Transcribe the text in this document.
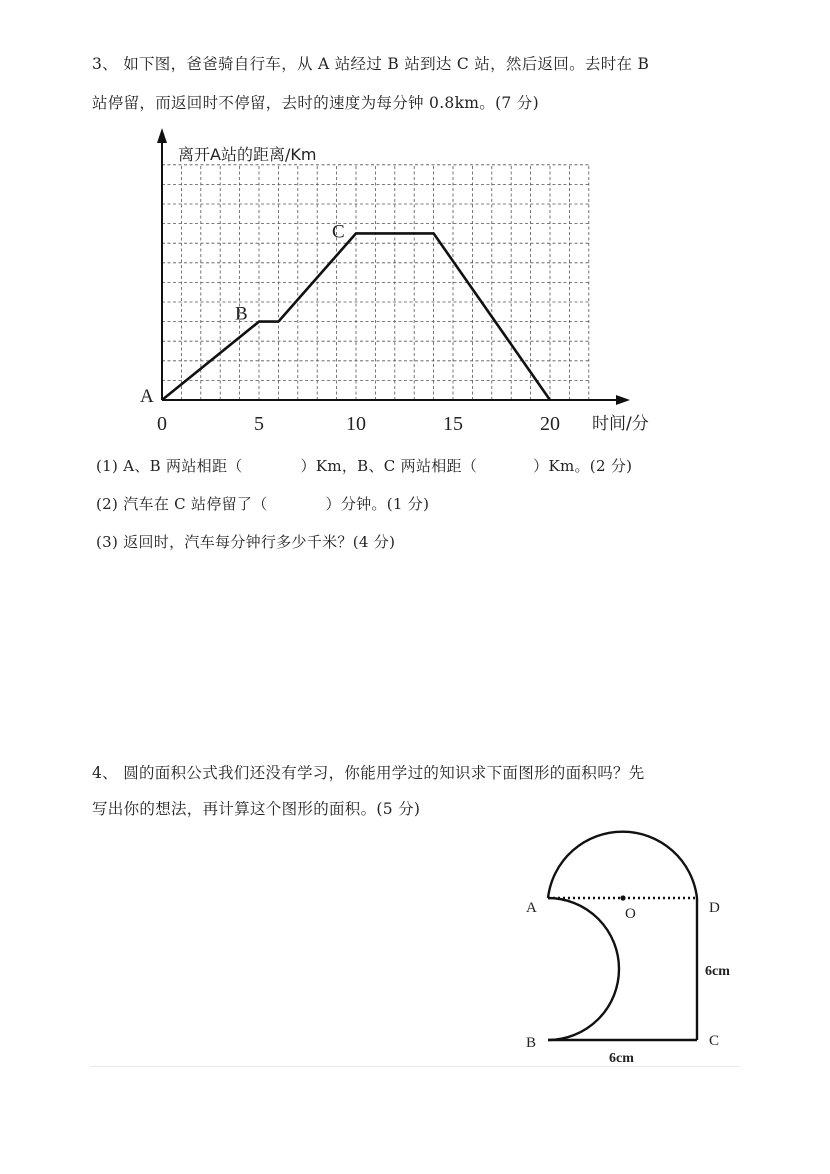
3、 如下图，爸爸骑自行车，从 A 站经过 B 站到达 C 站，然后返回。去时在 B
站停留，而返回时不停留，去时的速度为每分钟 0.8km。(7 分)
0	5	10	15	20
离开A站的距离/Km
时间/分
A
B
C
A	D
O
B	C
6cm
6cm
(1) A、B 两站相距（	）Km，B、C 两站相距（	）Km。(2 分)
(2) 汽车在 C 站停留了（	）分钟。(1 分)
(3) 返回时，汽车每分钟行多少千米？(4 分)
4、 圆的面积公式我们还没有学习，你能用学过的知识求下面图形的面积吗？先
写出你的想法，再计算这个图形的面积。(5 分)
